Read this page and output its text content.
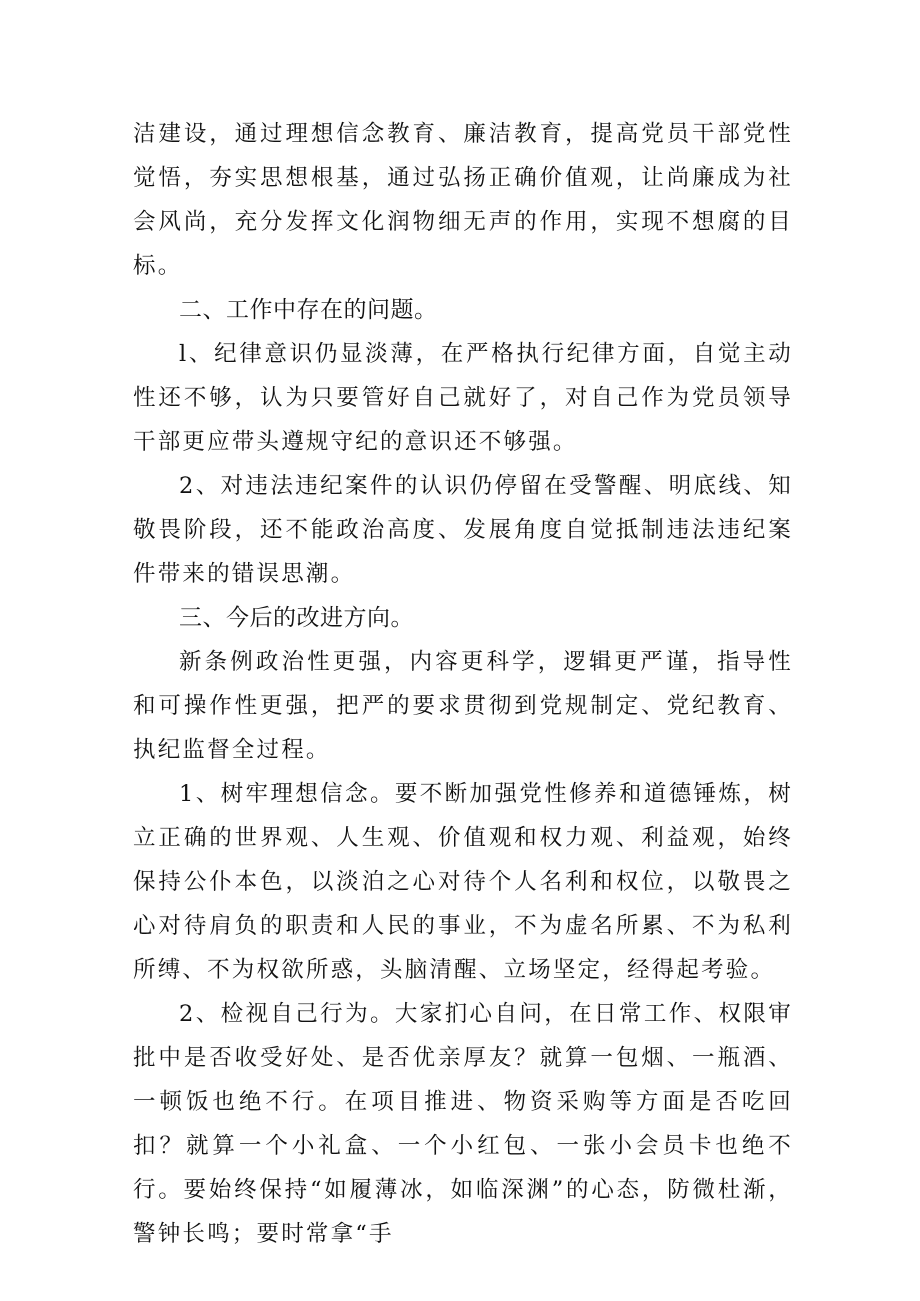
洁建设，通过理想信念教育、廉洁教育，提高党员干部党性觉悟，夯实思想根基，通过弘扬正确价值观，让尚廉成为社会风尚，充分发挥文化润物细无声的作用，实现不想腐的目标。

二、工作中存在的问题。

l、纪律意识仍显淡薄，在严格执行纪律方面，自觉主动性还不够，认为只要管好自己就好了，对自己作为党员领导干部更应带头遵规守纪的意识还不够强。

2、对违法违纪案件的认识仍停留在受警醒、明底线、知敬畏阶段，还不能政治高度、发展角度自觉抵制违法违纪案件带来的错误思潮。

三、今后的改进方向。

新条例政治性更强，内容更科学，逻辑更严谨，指导性和可操作性更强，把严的要求贯彻到党规制定、党纪教育、执纪监督全过程。

1、树牢理想信念。要不断加强党性修养和道德锤炼，树立正确的世界观、人生观、价值观和权力观、利益观，始终保持公仆本色，以淡泊之心对待个人名利和权位，以敬畏之心对待肩负的职责和人民的事业，不为虚名所累、不为私利所缚、不为权欲所惑，头脑清醒、立场坚定，经得起考验。

2、检视自己行为。大家扪心自问，在日常工作、权限审批中是否收受好处、是否优亲厚友？就算一包烟、一瓶酒、一顿饭也绝不行。在项目推进、物资采购等方面是否吃回扣？就算一个小礼盒、一个小红包、一张小会员卡也绝不行。要始终保持“如履薄冰，如临深渊”的心态，防微杜渐，警钟长鸣；要时常拿“手
